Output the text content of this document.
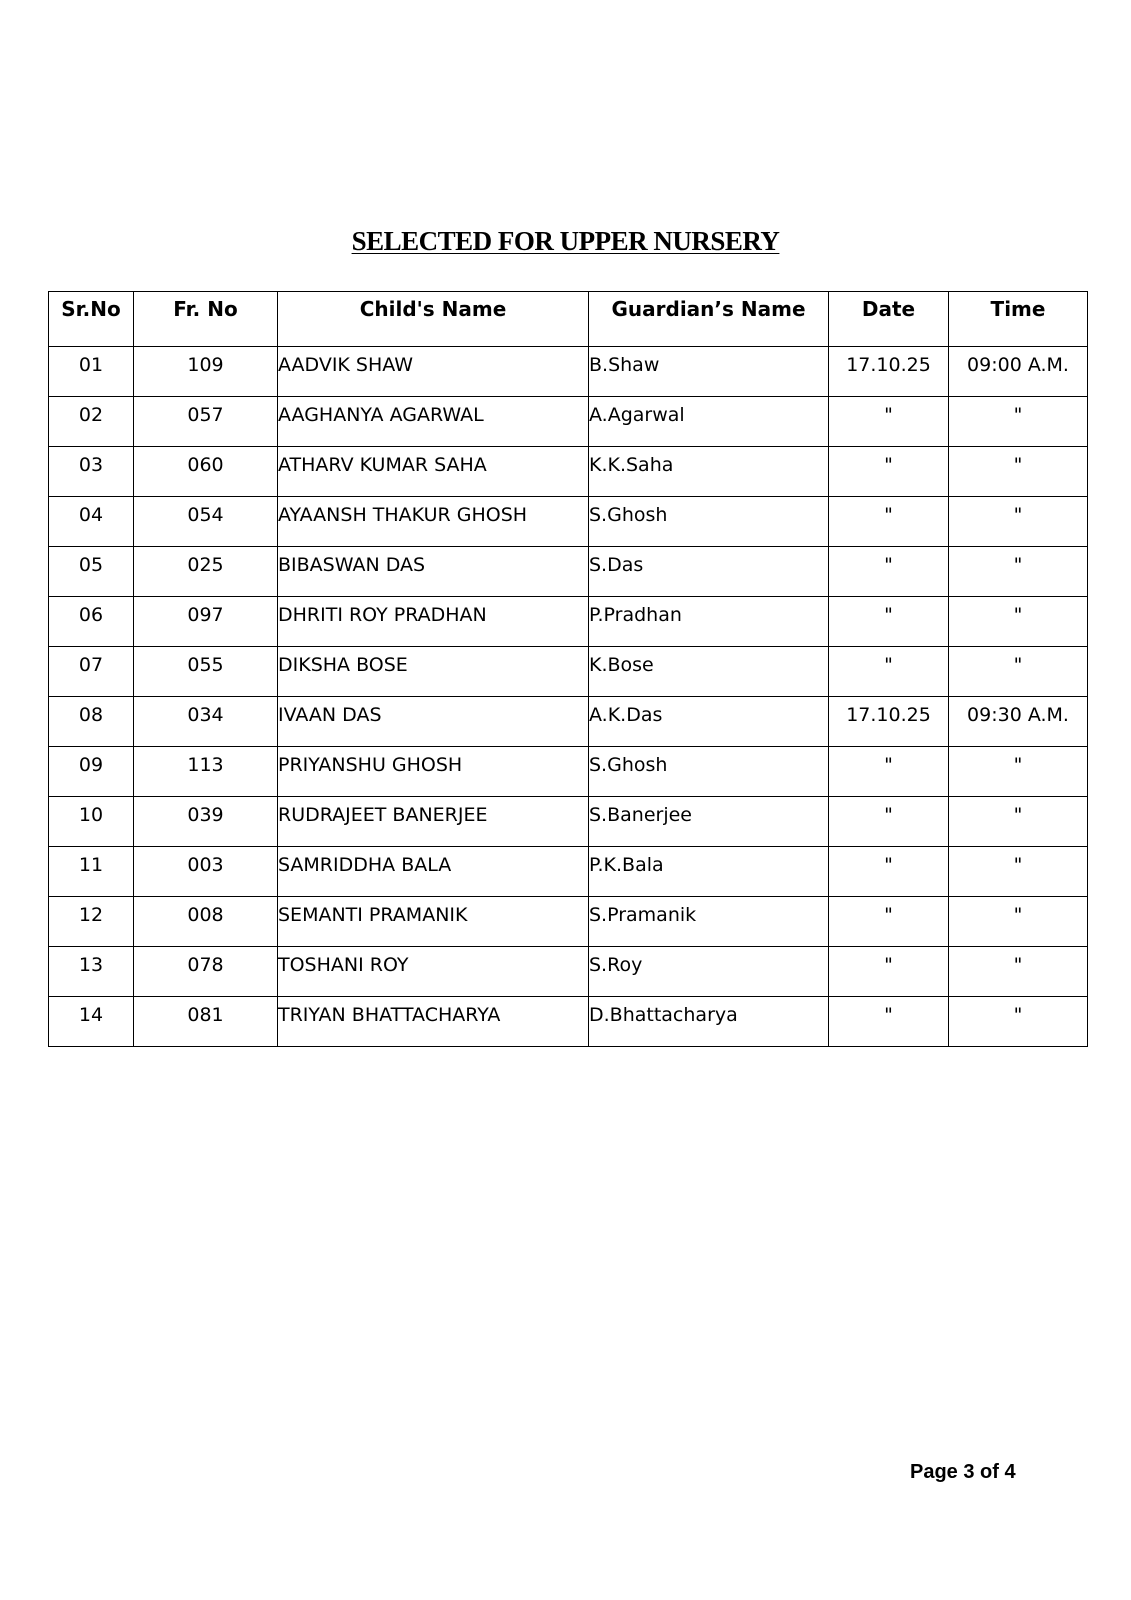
SELECTED FOR UPPER NURSERY
Sr.No	Fr. No	Child's Name	Guardian’s Name	Date	Time
01	109	AADVIK SHAW	B.Shaw	17.10.25	09:00 A.M.
02	057	AAGHANYA AGARWAL	A.Agarwal	"	"
03	060	ATHARV KUMAR SAHA	K.K.Saha	"	"
04	054	AYAANSH THAKUR GHOSH	S.Ghosh	"	"
05	025	BIBASWAN DAS	S.Das	"	"
06	097	DHRITI ROY PRADHAN	P.Pradhan	"	"
07	055	DIKSHA BOSE	K.Bose	"	"
08	034	IVAAN DAS	A.K.Das	17.10.25	09:30 A.M.
09	113	PRIYANSHU GHOSH	S.Ghosh	"	"
10	039	RUDRAJEET BANERJEE	S.Banerjee	"	"
11	003	SAMRIDDHA BALA	P.K.Bala	"	"
12	008	SEMANTI PRAMANIK	S.Pramanik	"	"
13	078	TOSHANI ROY	S.Roy	"	"
14	081	TRIYAN BHATTACHARYA	D.Bhattacharya	"	"
Page 3 of 4
